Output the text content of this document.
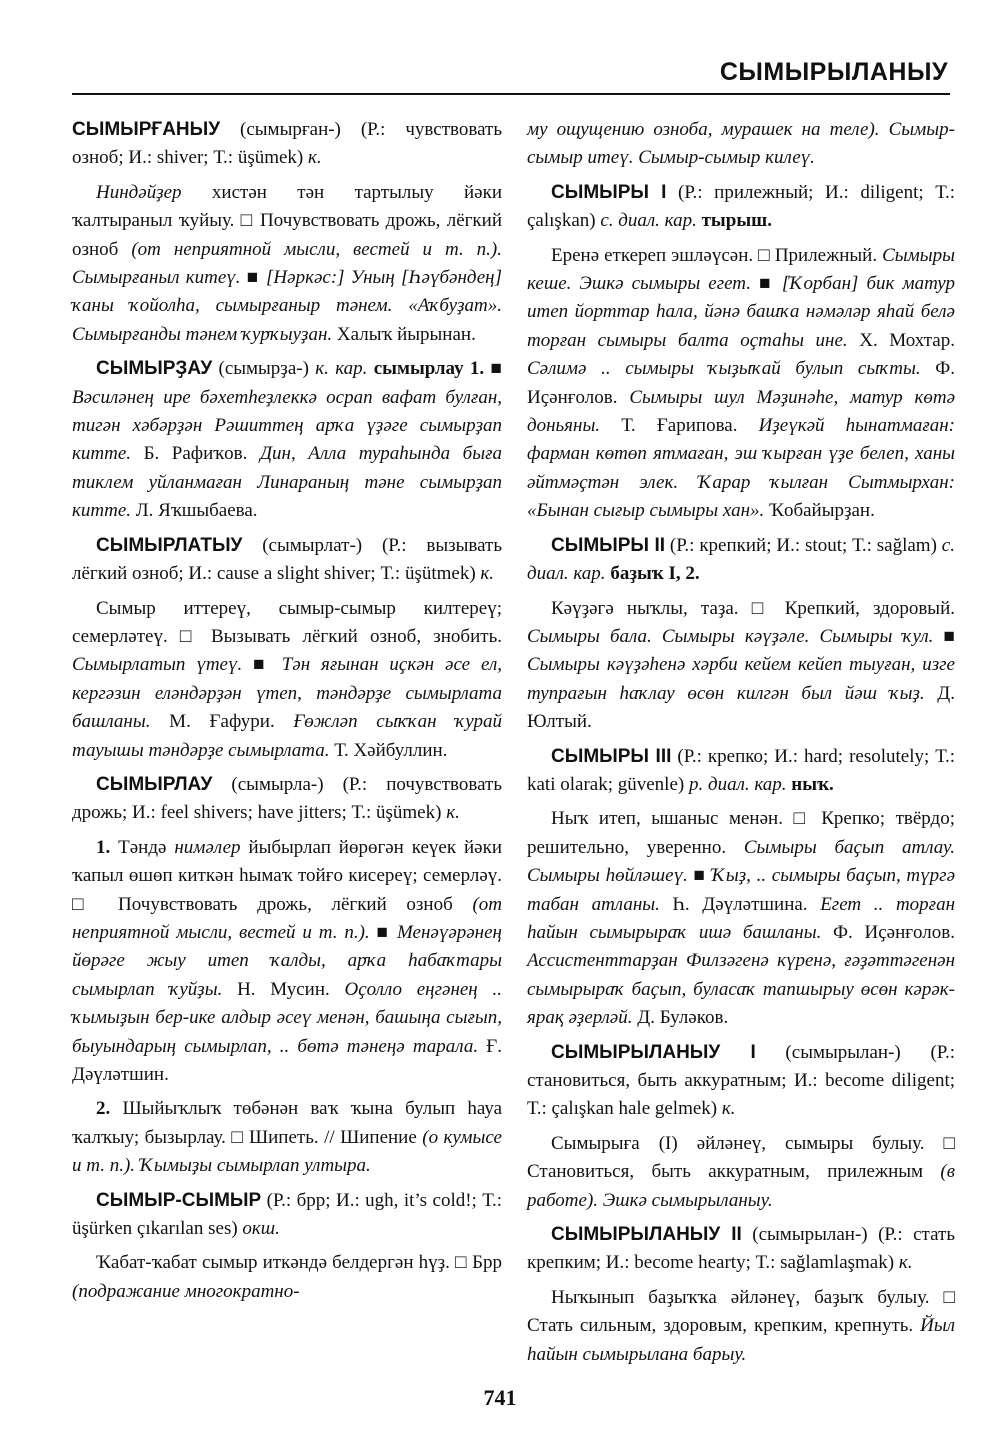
СЫМЫРЫЛАНЫУ

СЫМЫРҒАНЫУ (сымырған-) (Р.: чувствовать озноб; И.: shiver; Т.: üşümek) к.

Ниндәйҙер хистән тән тартылыу йәки ҡалтыраныл ҡуйыу. □ Почувствовать дрожь, лёгкий озноб (от неприятной мысли, вестей и т. п.). Сымырғаныл китеү. ■ [Нәркәс:] Уның [Һәүбәндең] ҡаны ҡойолһа, сымырғаныр тәнем. «Аҡбуҙат». Сымырғанды тәнем ҡурҡыуҙан. Халыҡ йырынан.

СЫМЫРҘАУ (сымырҙа-) к. кар. сымырлау 1. ■ Вәсиләнең ире бәхетһеҙлеккә осрап вафат булған, тигән хәбәрҙән Рәшиттең арҡа үҙәге сымырҙап китте. Б. Рафиҡов. Дин, Алла тураһында быға тиклем уйланмаған Линараның тәне сымырҙап китте. Л. Яҡшыбаева.

СЫМЫРЛАТЫУ (сымырлат-) (Р.: вызывать лёгкий озноб; И.: cause a slight shiver; Т.: üşütmek) к.

Сымыр иттереү, сымыр-сымыр килтереү; семерләтеү. □ Вызывать лёгкий озноб, знобить. Сымырлатып үтеү. ■ Тән яғынан иҫкән әсе ел, кергәзин еләндәрҙән үтеп, тәндәрҙе сымырлата башланы. М. Ғафури. Ғөжләп сыҡҡан ҡурай тауышы тәндәрҙе сымырлата. Т. Хәйбуллин.

СЫМЫРЛАУ (сымырла-) (Р.: почувствовать дрожь; И.: feel shivers; have jitters; Т.: üşümek) к.

1. Тәндә нимәлер йыбырлап йөрөгән кеүек йәки ҡапыл өшөп киткән һымаҡ тойғо кисереү; семерләү. □ Почувствовать дрожь, лёгкий озноб (от неприятной мысли, вестей и т. п.). ■ Менәүәрәнең йөрәге жыу итеп ҡалды, арҡа һабаҡтары сымырлап ҡуйҙы. Н. Мусин. Оҫолло еңгәнең .. ҡымыҙын бер-ике алдыр әсеү менән, башыңа сығып, быуындарың сымырлап, .. бөтә тәнеңә тарала. Ғ. Дәүләтшин.

2. Шыйыҡлыҡ төбәнән ваҡ ҡына булып һауа ҡалҡыу; бызырлау. □ Шипеть. // Шипение (о кумысе и т. п.). Ҡымыҙы сымырлап ултыра.

СЫМЫР-СЫМЫР (Р.: брр; И.: ugh, it’s cold!; Т.: üşürken çıkarılan ses) окш.

Ҡабат-ҡабат сымыр иткәндә белдергән һүҙ. □ Брр (подражание многократно-

му ощущению озноба, мурашек на теле). Сымыр-сымыр итеү. Сымыр-сымыр килеү.

СЫМЫРЫ I (Р.: прилежный; И.: diligent; Т.: çalışkan) с. диал. кар. тырыш.

Еренә еткереп эшләүсән. □ Прилежный. Сымыры кеше. Эшкә сымыры егет. ■ [Ҡорбан] бик матур итеп йорттар һала, йәнә башҡа нәмәләр яһай белә торған сымыры балта оҫтаһы ине. Х. Мохтар. Сәлимә .. сымыры ҡыҙыҡай булып сыҡты. Ф. Иҫәнғолов. Сымыры шул Мәҙинәһе, матур көтә доньяны. Т. Ғарипова. Иҙеүкәй һынатмаған: фарман көтөп ятмаған, эш ҡырған үҙе белеп, ханы әйтмәҫтән элек. Ҡарар ҡылған Сытмырхан: «Бынан сығыр сымыры хан». Ҡобайырҙан.

СЫМЫРЫ II (Р.: крепкий; И.: stout; Т.: sağlam) с. диал. кар. баҙыҡ I, 2.

Кәүҙәгә ныҡлы, таҙа. □ Крепкий, здоровый. Сымыры бала. Сымыры кәүҙәле. Сымыры ҡул. ■ Сымыры кәүҙәһенә хәрби кейем кейеп тыуған, изге тупрағын һаҡлау өсөн килгән был йәш ҡыҙ. Д. Юлтый.

СЫМЫРЫ III (Р.: крепко; И.: hard; resolutely; Т.: kati olarak; güvenle) р. диал. кар. ныҡ.

Ныҡ итеп, ышаныс менән. □ Крепко; твёрдо; решительно, уверенно. Сымыры баҫып атлау. Сымыры һөйләшеү. ■ Ҡыҙ, .. сымыры баҫып, түргә табан атланы. Һ. Дәүләтшина. Егет .. торған һайын сымырыраҡ ишә башланы. Ф. Иҫәнғолов. Ассистенттарҙан Филзәгенә күренә, ғәҙәттәгенән сымырыраҡ баҫып, буласаҡ тапшырыу өсөн кәрәк-ярақ әҙерләй. Д. Буләков.

СЫМЫРЫЛАНЫУ I (сымырылан-) (Р.: становиться, быть аккуратным; И.: become diligent; Т.: çalışkan hale gelmek) к.

Сымырыға (I) әйләнеү, сымыры булыу. □ Становиться, быть аккуратным, прилежным (в работе). Эшкә сымырыланыу.

СЫМЫРЫЛАНЫУ II (сымырылан-) (Р.: стать крепким; И.: become hearty; Т.: sağlamlaşmak) к.

Ныҡынып баҙыҡҡа әйләнеү, баҙыҡ булыу. □ Стать сильным, здоровым, крепким, крепнуть. Йыл һайын сымырылана барыу.

741
